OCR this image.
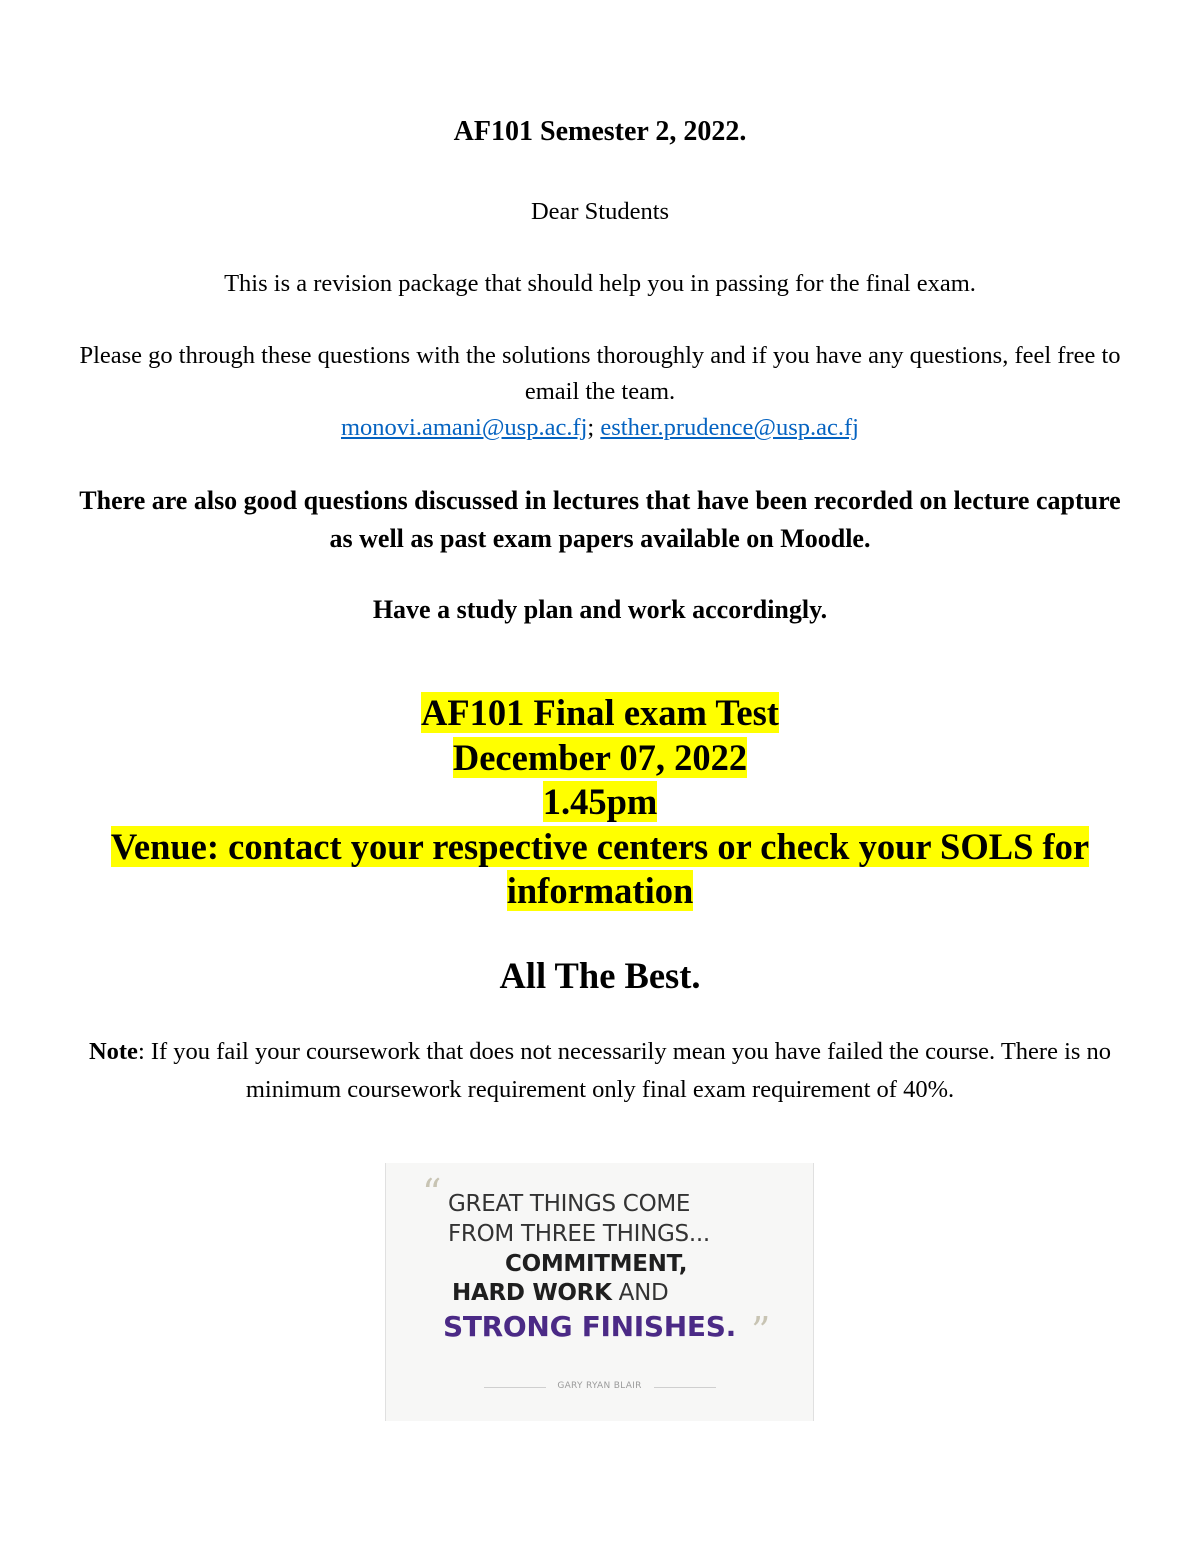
AF101 Semester 2, 2022.
Dear Students
This is a revision package that should help you in passing for the final exam.
Please go through these questions with the solutions thoroughly and if you have any questions, feel free to email the team.
monovi.amani@usp.ac.fj; esther.prudence@usp.ac.fj
There are also good questions discussed in lectures that have been recorded on lecture capture as well as past exam papers available on Moodle.
Have a study plan and work accordingly.
AF101 Final exam Test
December 07, 2022
1.45pm
Venue: contact your respective centers or check your SOLS for information
All The Best.
Note: If you fail your coursework that does not necessarily mean you have failed the course. There is no minimum coursework requirement only final exam requirement of 40%.
“ GREAT THINGS COME
FROM THREE THINGS...
COMMITMENT,
HARD WORK AND
STRONG FINISHES. ”
GARY RYAN BLAIR
